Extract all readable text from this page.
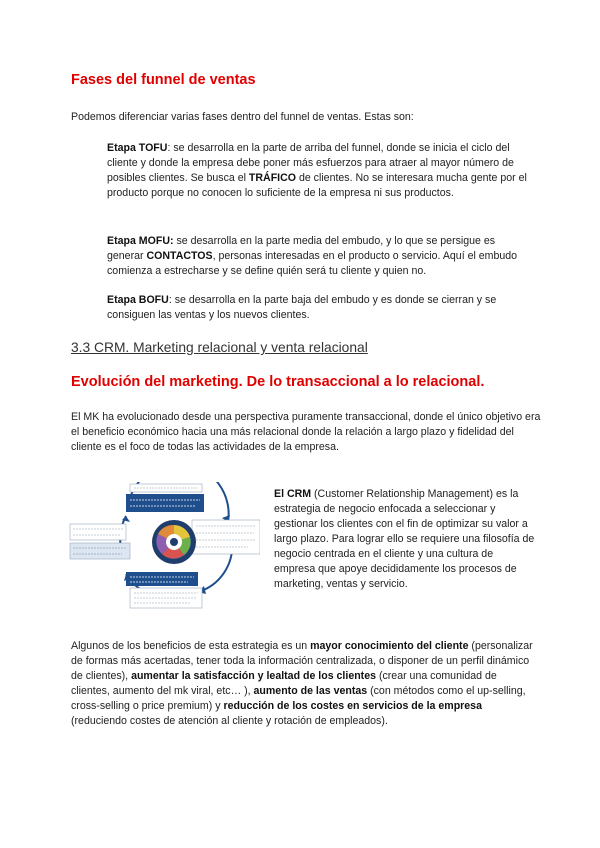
Fases del funnel de ventas
Podemos diferenciar varias fases dentro del funnel de ventas. Estas son:
Etapa TOFU: se desarrolla en la parte de arriba del funnel, donde se inicia el ciclo del cliente y donde la empresa debe poner más esfuerzos para atraer al mayor número de posibles clientes. Se busca el TRÁFICO de clientes. No se interesara mucha gente por el producto porque no conocen lo suficiente de la empresa ni sus productos.
Etapa MOFU: se desarrolla en la parte media del embudo, y lo que se persigue es generar CONTACTOS, personas interesadas en el producto o servicio. Aquí el embudo comienza a estrecharse y se define quién será tu cliente y quien no.
Etapa BOFU: se desarrolla en la parte baja del embudo y es donde se cierran y se consiguen las ventas y los nuevos clientes.
3.3 CRM. Marketing relacional y venta relacional
Evolución del marketing. De lo transaccional a lo relacional.
El MK ha evolucionado desde una perspectiva puramente transaccional, donde el único objetivo era el beneficio económico hacia una más relacional donde la relación a largo plazo y fidelidad del cliente es el foco de todas las actividades de la empresa.
El CRM (Customer Relationship Management) es la estrategia de negocio enfocada a seleccionar y gestionar los clientes con el fin de optimizar su valor a largo plazo. Para lograr ello se requiere una filosofía de negocio centrada en el cliente y una cultura de empresa que apoye decididamente los procesos de marketing, ventas y servicio.
Algunos de los beneficios de esta estrategia es un mayor conocimiento del cliente (personalizar de formas más acertadas, tener toda la información centralizada, o disponer de un perfil dinámico de clientes), aumentar la satisfacción y lealtad de los clientes (crear una comunidad de clientes, aumento del mk viral, etc… ), aumento de las ventas (con métodos como el up-selling, cross-selling o price premium) y reducción de los costes en servicios de la empresa (reduciendo costes de atención al cliente y rotación de empleados).
